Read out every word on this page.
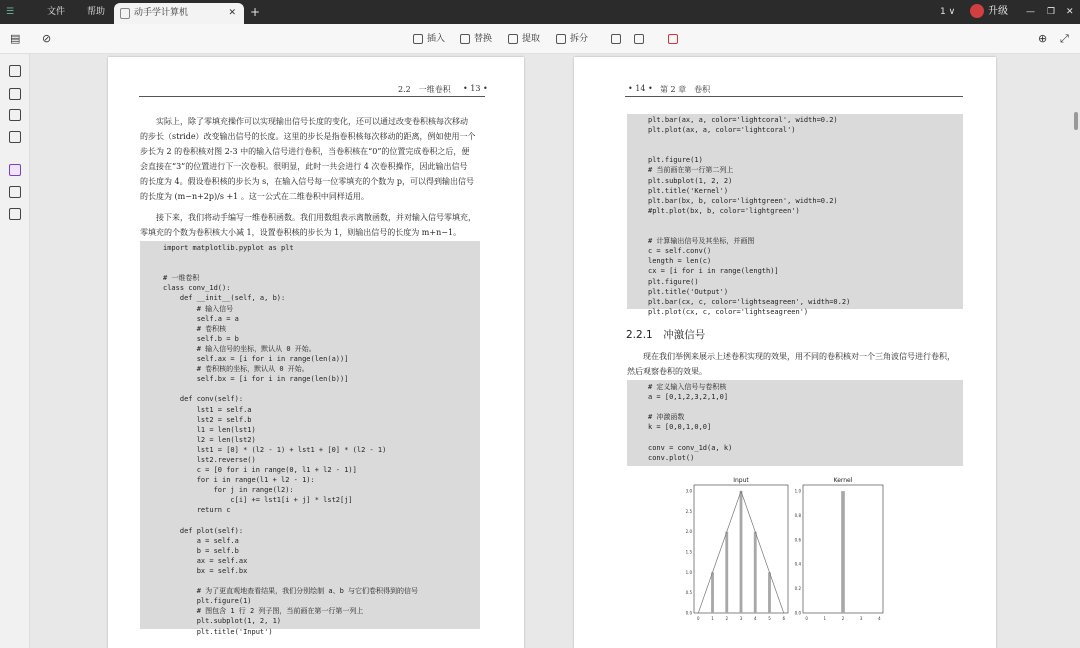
☰	文件 帮助	动手学计算机	✕ +	1 ∨	升级 — ❐ ✕
▤ ⊘	插入	替换	提取	拆分	⊕ ⤢
2.2　一维卷积 • 13 •
实际上，除了零填充操作可以实现输出信号长度的变化，还可以通过改变卷积核每次移动
的步长（stride）改变输出信号的长度。这里的步长是指卷积核每次移动的距离，例如使用一个
步长为 2 的卷积核对图 2-3 中的输入信号进行卷积，当卷积核在“0”的位置完成卷积之后，便
会直接在“3”的位置进行下一次卷积。很明显，此时一共会进行 4 次卷积操作，因此输出信号
的长度为 4。假设卷积核的步长为 s，在输入信号每一位零填充的个数为 p，可以得到输出信号
的长度为 (m−n+2p)/s +1 。这一公式在二维卷积中同样适用。
接下来，我们将动手编写一维卷积函数。我们用数组表示离散函数，并对输入信号零填充，
零填充的个数为卷积核大小减 1，设置卷积核的步长为 1，则输出信号的长度为 m+n−1。
import matplotlib.pyplot as plt

# 一维卷积
class conv_1d():
def __init__(self, a, b):
# 输入信号
self.a = a
# 卷积核
self.b = b
# 输入信号的坐标，默认从 0 开始。
self.ax = [i for i in range(len(a))]
# 卷积核的坐标，默认从 0 开始。
self.bx = [i for i in range(len(b))]

def conv(self):
lst1 = self.a
lst2 = self.b
l1 = len(lst1)
l2 = len(lst2)
lst1 = [0] * (l2 - 1) + lst1 + [0] * (l2 - 1)
lst2.reverse()
c = [0 for i in range(0, l1 + l2 - 1)]
for i in range(l1 + l2 - 1):
for j in range(l2):
c[i] += lst1[i + j] * lst2[j]
return c

def plot(self):
a = self.a
b = self.b
ax = self.ax
bx = self.bx

# 为了更直观地查看结果，我们分别绘制 a、b 与它们卷积得到的信号
plt.figure(1)
# 图包含 1 行 2 列子图，当前画在第一行第一列上
plt.subplot(1, 2, 1)
plt.title('Input')
• 14 • 第 2 章　卷积
plt.bar(ax, a, color='lightcoral', width=0.2)
plt.plot(ax, a, color='lightcoral')

plt.figure(1)
# 当前画在第一行第二列上
plt.subplot(1, 2, 2)
plt.title('Kernel')
plt.bar(bx, b, color='lightgreen', width=0.2)
#plt.plot(bx, b, color='lightgreen')

# 计算输出信号及其坐标，并画图
c = self.conv()
length = len(c)
cx = [i for i in range(length)]
plt.figure()
plt.title('Output')
plt.bar(cx, c, color='lightseagreen', width=0.2)
plt.plot(cx, c, color='lightseagreen')
2.2.1　冲激信号
现在我们举例来展示上述卷积实现的效果，用不同的卷积核对一个三角波信号进行卷积，
然后观察卷积的效果。
# 定义输入信号与卷积核
a = [0,1,2,3,2,1,0]

# 冲激函数
k = [0,0,1,0,0]

conv = conv_1d(a, k)
conv.plot()
Input
0	1	2	3	4	5	6
0.0
0.5
1.0
1.5
2.0
2.5
3.0
Kernel
0	1	2	3	4
0.0
0.2
0.4
0.6
0.8
1.0
